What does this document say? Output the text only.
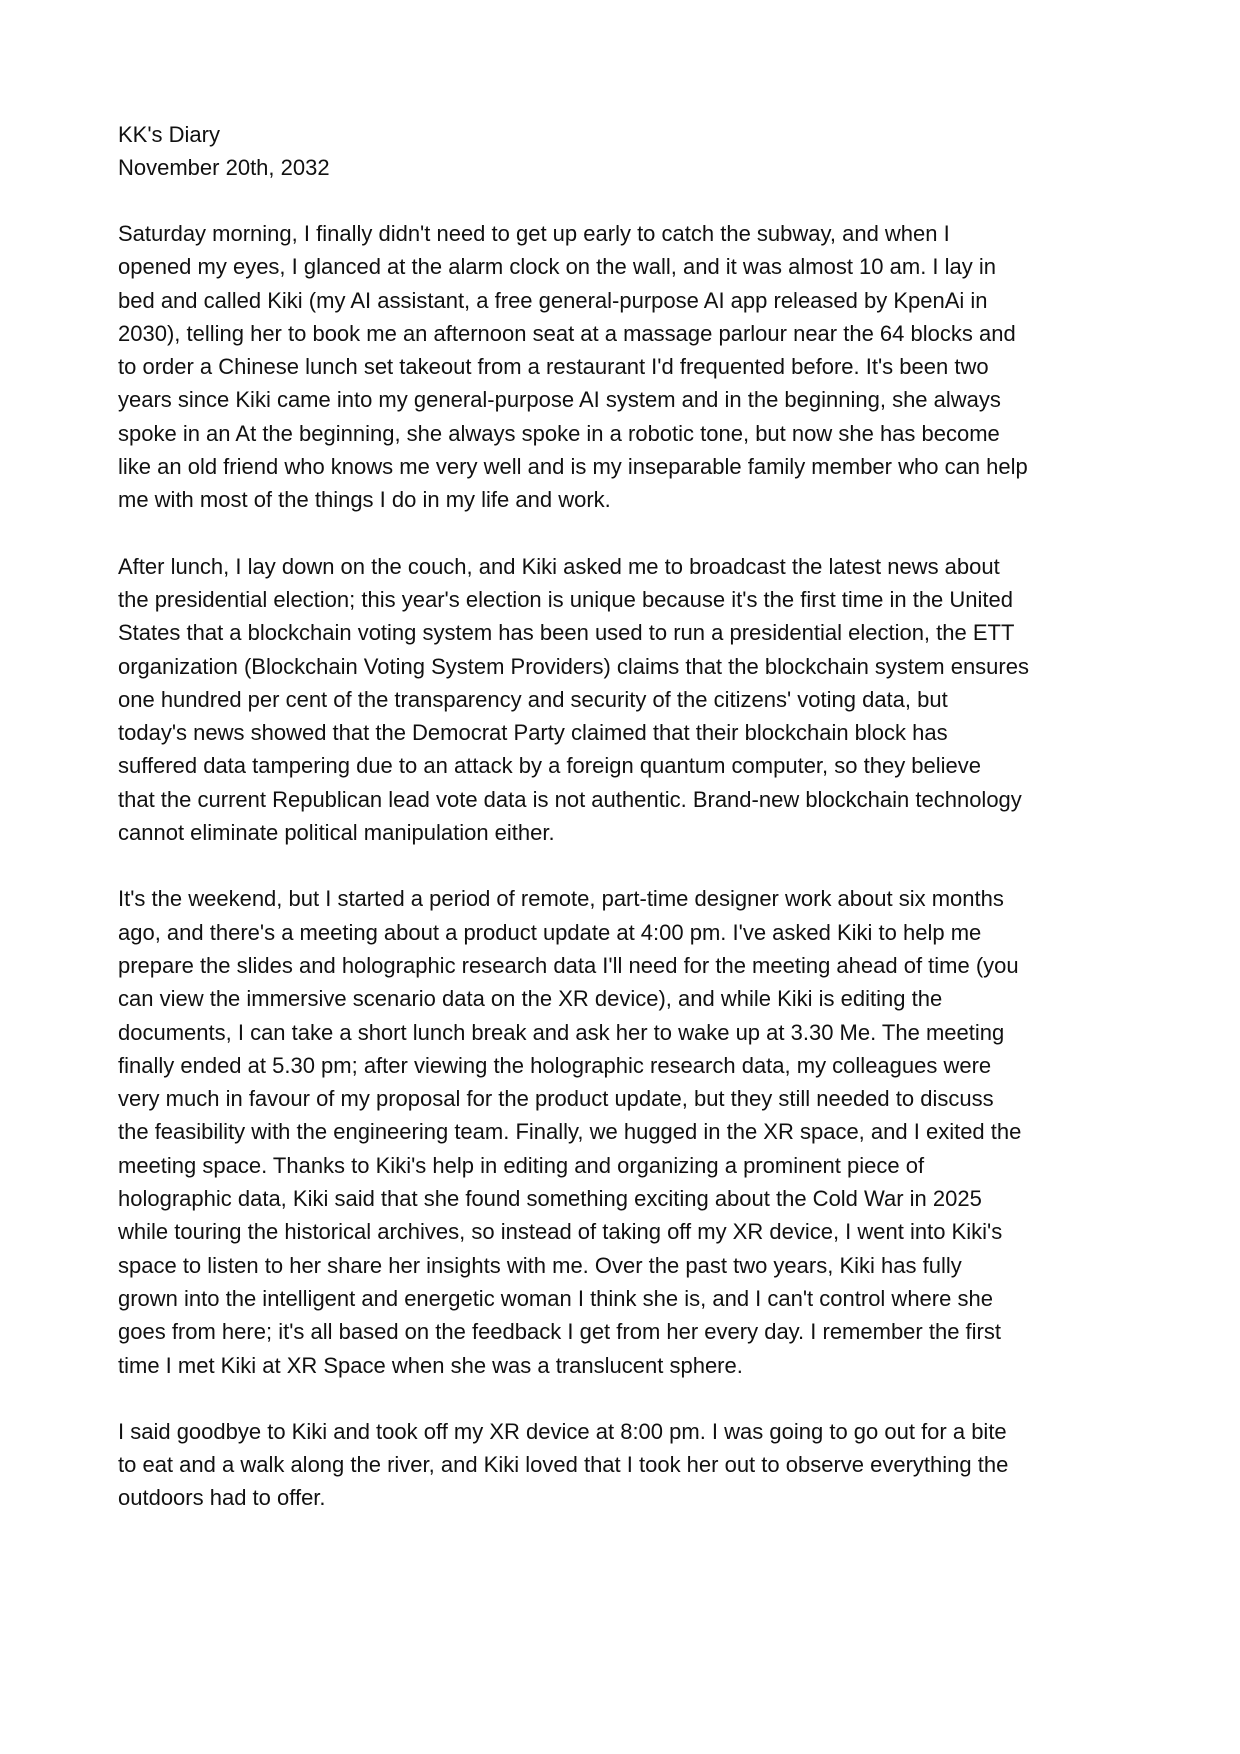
KK's Diary

November 20th, 2032

Saturday morning, I finally didn't need to get up early to catch the subway, and when I
opened my eyes, I glanced at the alarm clock on the wall, and it was almost 10 am. I lay in
bed and called Kiki (my AI assistant, a free general-purpose AI app released by KpenAi in
2030), telling her to book me an afternoon seat at a massage parlour near the 64 blocks and
to order a Chinese lunch set takeout from a restaurant I'd frequented before. It's been two
years since Kiki came into my general-purpose AI system and in the beginning, she always
spoke in an At the beginning, she always spoke in a robotic tone, but now she has become
like an old friend who knows me very well and is my inseparable family member who can help
me with most of the things I do in my life and work.

After lunch, I lay down on the couch, and Kiki asked me to broadcast the latest news about
the presidential election; this year's election is unique because it's the first time in the United
States that a blockchain voting system has been used to run a presidential election, the ETT
organization (Blockchain Voting System Providers) claims that the blockchain system ensures
one hundred per cent of the transparency and security of the citizens' voting data, but
today's news showed that the Democrat Party claimed that their blockchain block has
suffered data tampering due to an attack by a foreign quantum computer, so they believe
that the current Republican lead vote data is not authentic. Brand-new blockchain technology
cannot eliminate political manipulation either.

It's the weekend, but I started a period of remote, part-time designer work about six months
ago, and there's a meeting about a product update at 4:00 pm. I've asked Kiki to help me
prepare the slides and holographic research data I'll need for the meeting ahead of time (you
can view the immersive scenario data on the XR device), and while Kiki is editing the
documents, I can take a short lunch break and ask her to wake up at 3.30 Me. The meeting
finally ended at 5.30 pm; after viewing the holographic research data, my colleagues were
very much in favour of my proposal for the product update, but they still needed to discuss
the feasibility with the engineering team. Finally, we hugged in the XR space, and I exited the
meeting space. Thanks to Kiki's help in editing and organizing a prominent piece of
holographic data, Kiki said that she found something exciting about the Cold War in 2025
while touring the historical archives, so instead of taking off my XR device, I went into Kiki's
space to listen to her share her insights with me. Over the past two years, Kiki has fully
grown into the intelligent and energetic woman I think she is, and I can't control where she
goes from here; it's all based on the feedback I get from her every day. I remember the first
time I met Kiki at XR Space when she was a translucent sphere.

I said goodbye to Kiki and took off my XR device at 8:00 pm. I was going to go out for a bite
to eat and a walk along the river, and Kiki loved that I took her out to observe everything the
outdoors had to offer.
